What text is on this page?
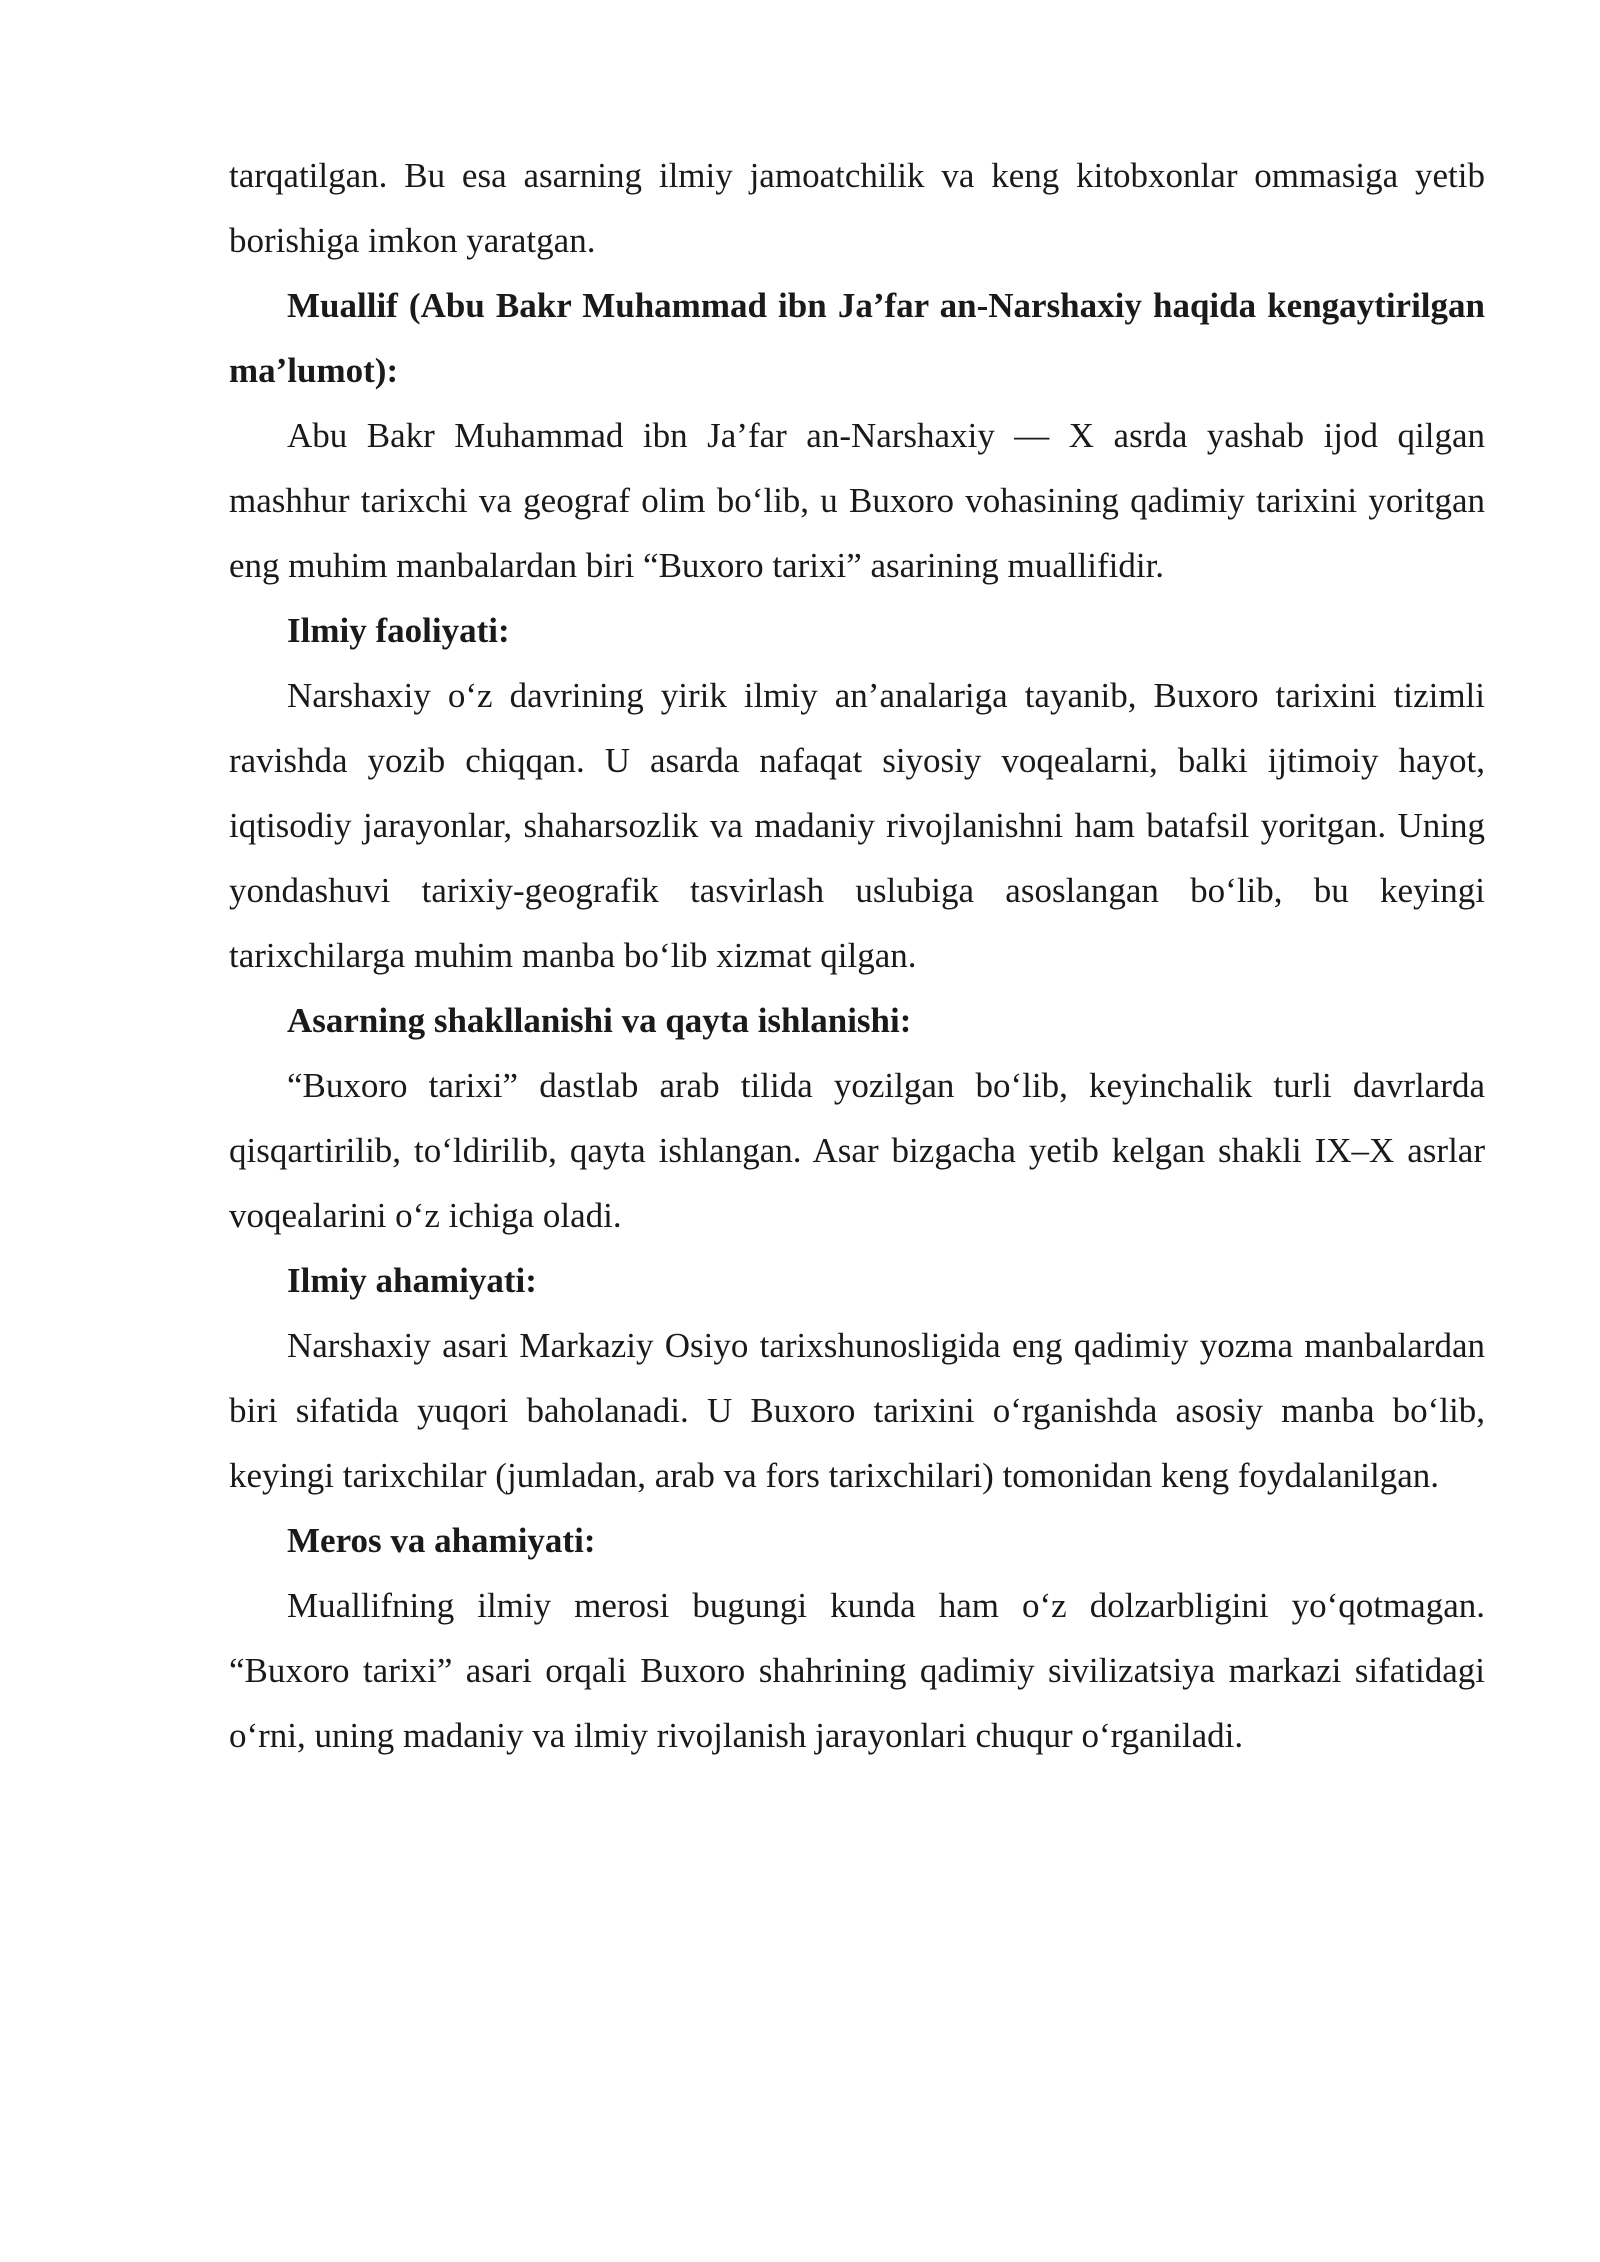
tarqatilgan. Bu esa asarning ilmiy jamoatchilik va keng kitobxonlar ommasiga yetib borishiga imkon yaratgan.

Muallif (Abu Bakr Muhammad ibn Ja’far an-Narshaxiy haqida kengaytirilgan ma’lumot):

Abu Bakr Muhammad ibn Ja’far an-Narshaxiy — X asrda yashab ijod qilgan mashhur tarixchi va geograf olim bo‘lib, u Buxoro vohasining qadimiy tarixini yoritgan eng muhim manbalardan biri “Buxoro tarixi” asarining muallifidir.

Ilmiy faoliyati:

Narshaxiy o‘z davrining yirik ilmiy an’analariga tayanib, Buxoro tarixini tizimli ravishda yozib chiqqan. U asarda nafaqat siyosiy voqealarni, balki ijtimoiy hayot, iqtisodiy jarayonlar, shaharsozlik va madaniy rivojlanishni ham batafsil yoritgan. Uning yondashuvi tarixiy-geografik tasvirlash uslubiga asoslangan bo‘lib, bu keyingi tarixchilarga muhim manba bo‘lib xizmat qilgan.

Asarning shakllanishi va qayta ishlanishi:

“Buxoro tarixi” dastlab arab tilida yozilgan bo‘lib, keyinchalik turli davrlarda qisqartirilib, to‘ldirilib, qayta ishlangan. Asar bizgacha yetib kelgan shakli IX–X asrlar voqealarini o‘z ichiga oladi.

Ilmiy ahamiyati:

Narshaxiy asari Markaziy Osiyo tarixshunosligida eng qadimiy yozma manbalardan biri sifatida yuqori baholanadi. U Buxoro tarixini o‘rganishda asosiy manba bo‘lib, keyingi tarixchilar (jumladan, arab va fors tarixchilari) tomonidan keng foydalanilgan.

Meros va ahamiyati:

Muallifning ilmiy merosi bugungi kunda ham o‘z dolzarbligini yo‘qotmagan. “Buxoro tarixi” asari orqali Buxoro shahrining qadimiy sivilizatsiya markazi sifatidagi o‘rni, uning madaniy va ilmiy rivojlanish jarayonlari chuqur o‘rganiladi.
